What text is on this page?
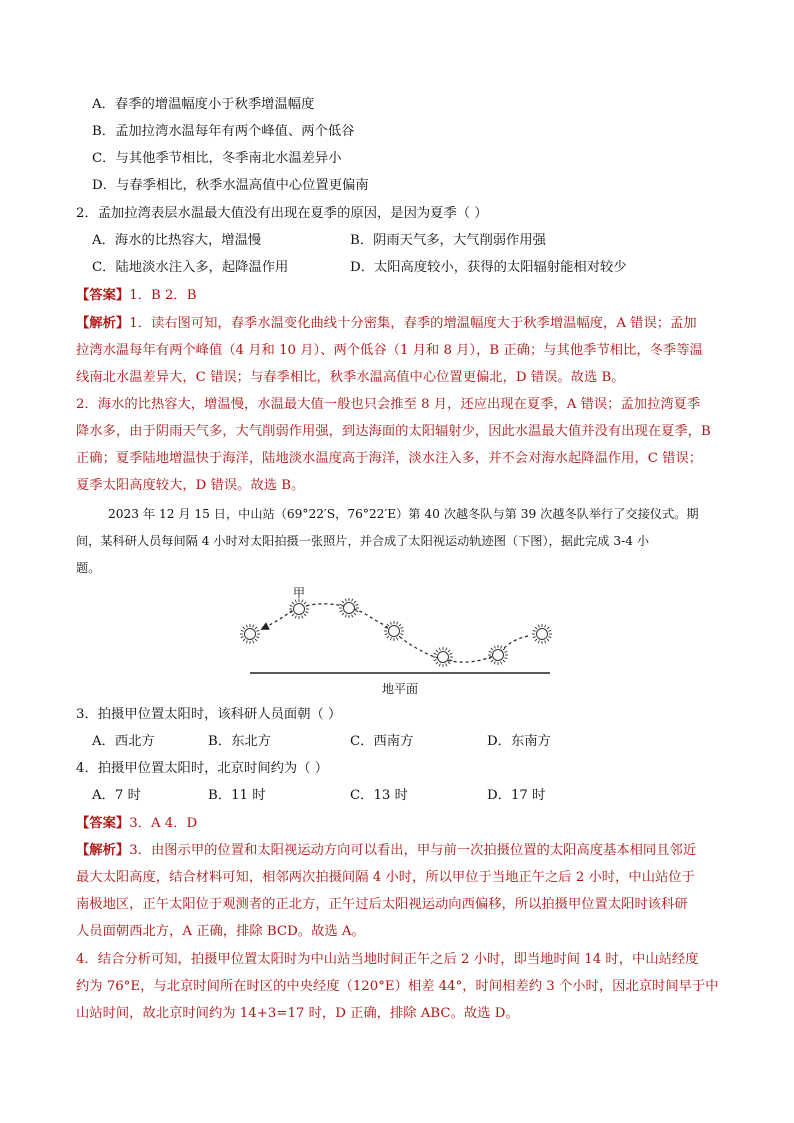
A．春季的增温幅度小于秋季增温幅度
B．孟加拉湾水温每年有两个峰值、两个低谷
C．与其他季节相比，冬季南北水温差异小
D．与春季相比，秋季水温高值中心位置更偏南
2．孟加拉湾表层水温最大值没有出现在夏季的原因，是因为夏季（ ）
A．海水的比热容大，增温慢	B．阴雨天气多，大气削弱作用强
C．陆地淡水注入多，起降温作用	D．太阳高度较小，获得的太阳辐射能相对较少
【答案】1．B 2．B
【解析】1．读右图可知，春季水温变化曲线十分密集，春季的增温幅度大于秋季增温幅度，A 错误；孟加
拉湾水温每年有两个峰值（4 月和 10 月）、两个低谷（1 月和 8 月），B 正确；与其他季节相比，冬季等温
线南北水温差异大，C 错误；与春季相比，秋季水温高值中心位置更偏北，D 错误。故选 B。
2．海水的比热容大，增温慢，水温最大值一般也只会推至 8 月，还应出现在夏季，A 错误；孟加拉湾夏季
降水多，由于阴雨天气多，大气削弱作用强，到达海面的太阳辐射少，因此水温最大值并没有出现在夏季，B
正确；夏季陆地增温快于海洋，陆地淡水温度高于海洋，淡水注入多，并不会对海水起降温作用，C 错误；
夏季太阳高度较大，D 错误。故选 B。
2023 年 12 月 15 日，中山站（69°22′S，76°22′E）第 40 次越冬队与第 39 次越冬队举行了交接仪式。期
间，某科研人员每间隔 4 小时对太阳拍摄一张照片，并合成了太阳视运动轨迹图（下图），据此完成 3-4 小
题。
甲
地平面
3．拍摄甲位置太阳时，该科研人员面朝（ ）
A．西北方	B．东北方	C．西南方	D．东南方
4．拍摄甲位置太阳时，北京时间约为（ ）
A．7 时	B．11 时	C．13 时	D．17 时
【答案】3．A 4．D
【解析】3．由图示甲的位置和太阳视运动方向可以看出，甲与前一次拍摄位置的太阳高度基本相同且邻近
最大太阳高度，结合材料可知，相邻两次拍摄间隔 4 小时，所以甲位于当地正午之后 2 小时，中山站位于
南极地区，正午太阳位于观测者的正北方，正午过后太阳视运动向西偏移，所以拍摄甲位置太阳时该科研
人员面朝西北方，A 正确，排除 BCD。故选 A。
4．结合分析可知，拍摄甲位置太阳时为中山站当地时间正午之后 2 小时，即当地时间 14 时，中山站经度
约为 76°E，与北京时间所在时区的中央经度（120°E）相差 44°，时间相差约 3 个小时，因北京时间早于中
山站时间，故北京时间约为 14+3=17 时，D 正确，排除 ABC。故选 D。
